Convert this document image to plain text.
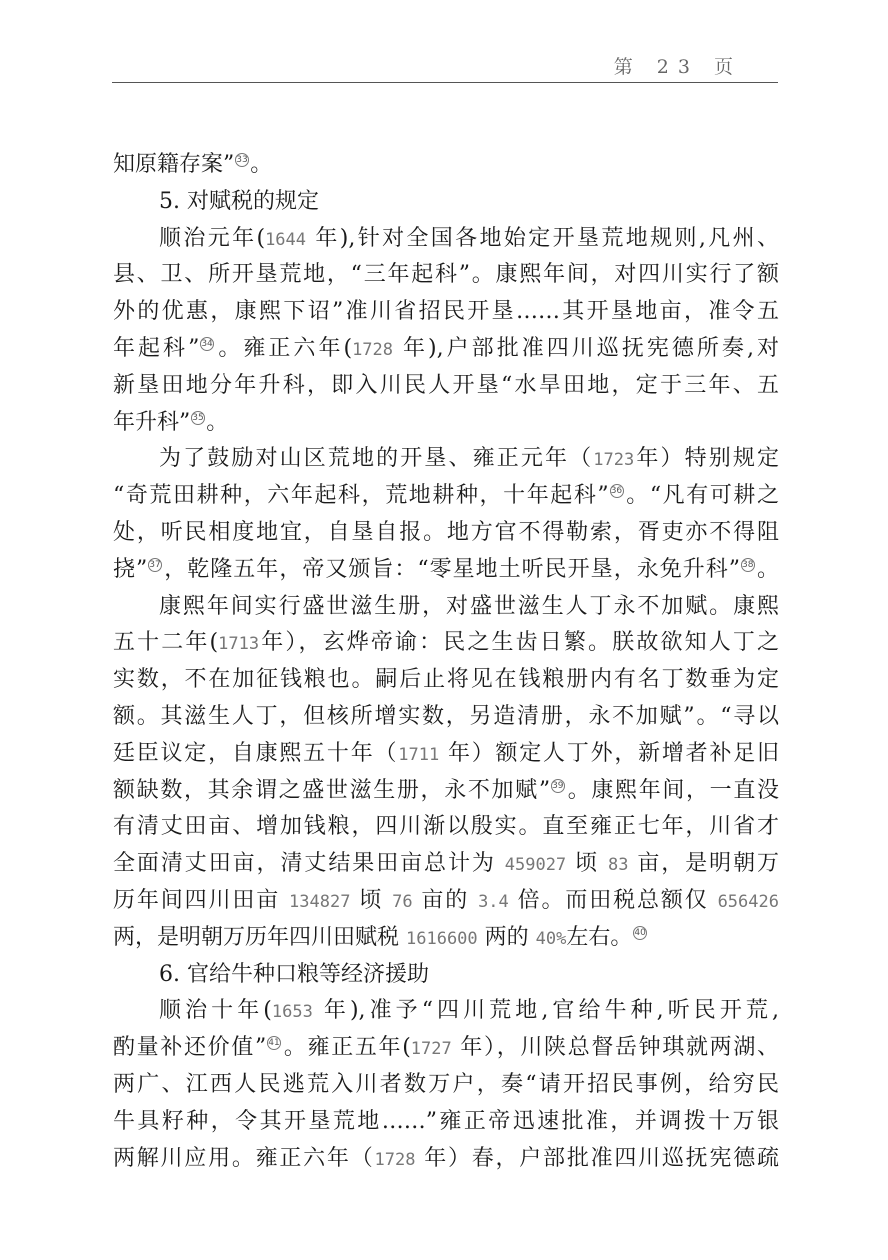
第 23 页
知原籍存案” 33 。
5. 对赋税的规定
顺治元年(1644 年),针对全国各地始定开垦荒地规则,凡州、
县、卫、所开垦荒地，“三年起科”。康熙年间，对四川实行了额
外的优惠，康熙下诏”准川省招民开垦……其开垦地亩，准令五
年起科” 34 。雍正六年(1728 年),户部批准四川巡抚宪德所奏,对
新垦田地分年升科，即入川民人开垦“水旱田地，定于三年、五
年升科” 35 。
为了鼓励对山区荒地的开垦、雍正元年（1723年）特别规定
“奇荒田耕种，六年起科，荒地耕种，十年起科” 36 。“凡有可耕之
处，听民相度地宜，自垦自报。地方官不得勒索，胥吏亦不得阻
挠” 37 ，乾隆五年，帝又颁旨：“零星地土听民开垦，永免升科” 38 。
康熙年间实行盛世滋生册，对盛世滋生人丁永不加赋。康熙
五十二年(1713年），玄烨帝谕：民之生齿日繁。朕故欲知人丁之
实数，不在加征钱粮也。嗣后止将见在钱粮册内有名丁数垂为定
额。其滋生人丁，但核所增实数，另造清册，永不加赋”。“寻以
廷臣议定，自康熙五十年（1711 年）额定人丁外，新增者补足旧
额缺数，其余谓之盛世滋生册，永不加赋” 39 。康熙年间，一直没
有清丈田亩、增加钱粮，四川渐以殷实。直至雍正七年，川省才
全面清丈田亩，清丈结果田亩总计为 459027 顷 83 亩，是明朝万
历年间四川田亩 134827 顷 76 亩的 3.4 倍。而田税总额仅 656426
两，是明朝万历年四川田赋税 1616600 两的 40%左右。 40
6. 官给牛种口粮等经济援助
顺治十年(1653 年),准予“四川荒地,官给牛种,听民开荒,
酌量补还价值” 41 。雍正五年(1727 年），川陕总督岳钟琪就两湖、
两广、江西人民逃荒入川者数万户，奏“请开招民事例，给穷民
牛具籽种，令其开垦荒地……”雍正帝迅速批准，并调拨十万银
两解川应用。雍正六年（1728 年）春，户部批准四川巡抚宪德疏
